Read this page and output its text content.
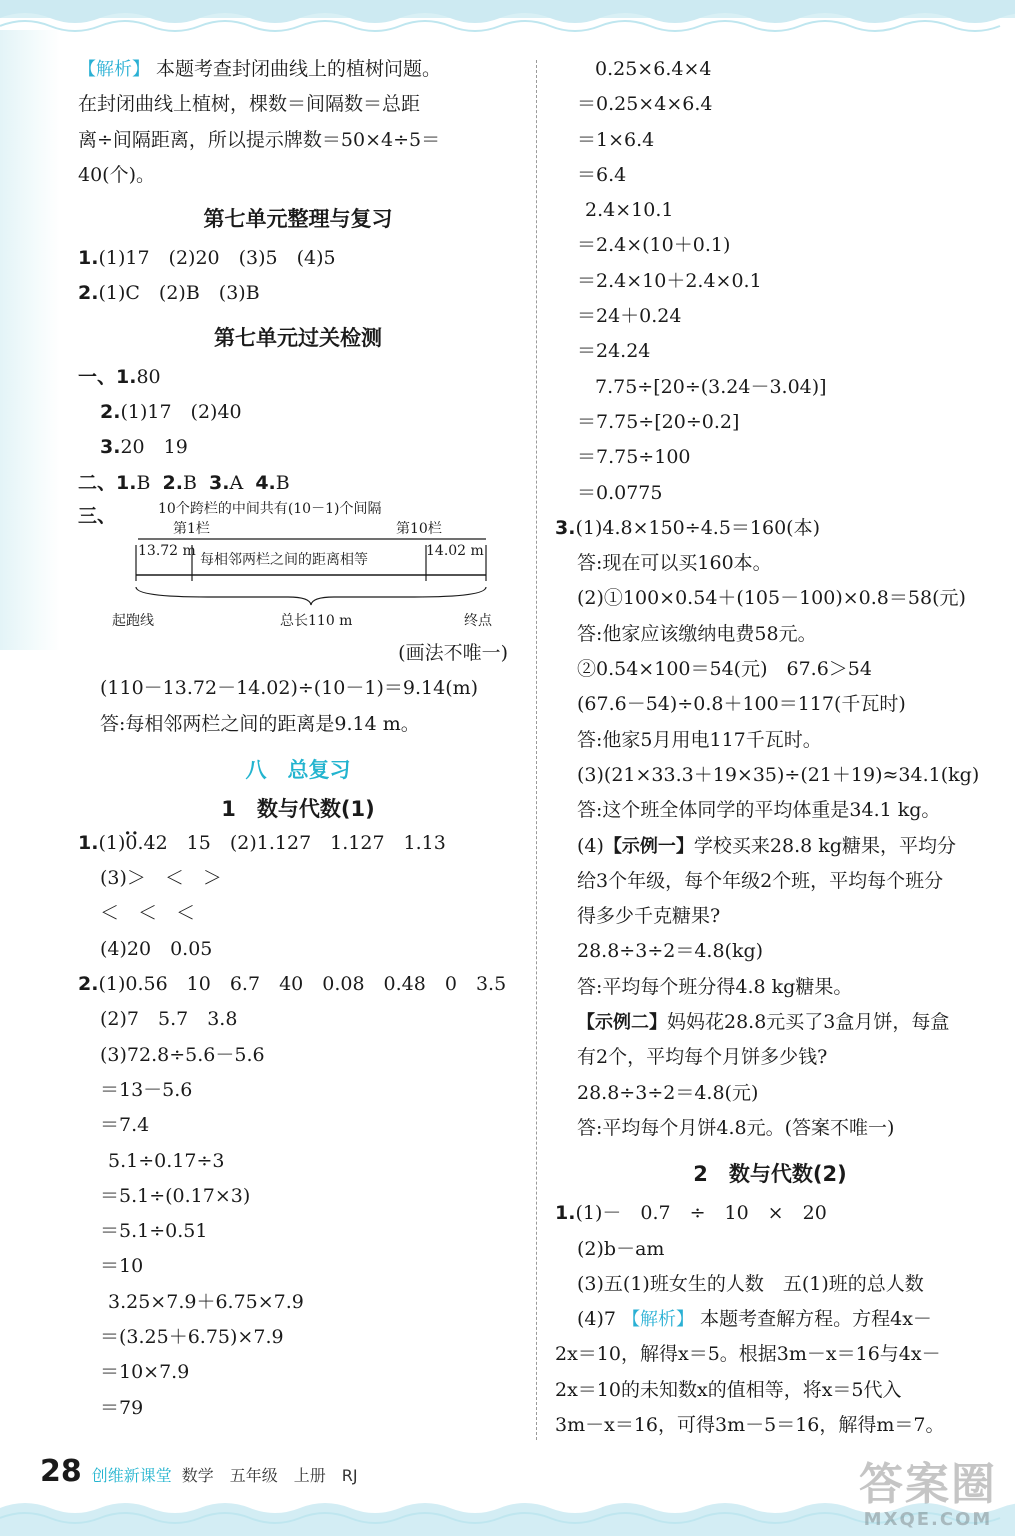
【解析】 本题考查封闭曲线上的植树问题。
在封闭曲线上植树，棵数＝间隔数＝总距
离÷间隔距离，所以提示牌数＝50×4÷5＝
40(个)。
第七单元整理与复习
1.(1)17　(2)20　(3)5　(4)5
2.(1)C　(2)B　(3)B
第七单元过关检测
一、1.80
2.(1)17　(2)40
3.20　19
二、1.B 2.B 3.A 4.B
三、	10个跨栏的中间共有(10－1)个间隔
第1栏	第10栏
13.72 m
每相邻两栏之间的距离相等
14.02 m
起跑线	总长110 m	终点
(画法不唯一)
(110－13.72－14.02)÷(10－1)＝9.14(m)
答:每相邻两栏之间的距离是9.14 m。
八　总复习
1　数与代数(1)
1.·· (1)0.42　15　(2)1.127　1.127　1.13
(3)＞　＜　＞
＜　＜　＜
(4)20　0.05
2.(1)0.56　10　6.7　40　0.08　0.48　0　3.5
(2)7　5.7　3.8
(3)72.8÷5.6－5.6
＝13－5.6
＝7.4
5.1÷0.17÷3
＝5.1÷(0.17×3)
＝5.1÷0.51
＝10
3.25×7.9＋6.75×7.9
＝(3.25＋6.75)×7.9
＝10×7.9
＝79
0.25×6.4×4
＝0.25×4×6.4
＝1×6.4
＝6.4
2.4×10.1
＝2.4×(10＋0.1)
＝2.4×10＋2.4×0.1
＝24＋0.24
＝24.24
7.75÷[20÷(3.24－3.04)]
＝7.75÷[20÷0.2]
＝7.75÷100
＝0.0775
3.(1)4.8×150÷4.5＝160(本)
答:现在可以买160本。
(2)①100×0.54＋(105－100)×0.8＝58(元)
答:他家应该缴纳电费58元。
②0.54×100＝54(元)　67.6＞54
(67.6－54)÷0.8＋100＝117(千瓦时)
答:他家5月用电117千瓦时。
(3)(21×33.3＋19×35)÷(21＋19)≈34.1(kg)
答:这个班全体同学的平均体重是34.1 kg。
(4)【示例一】学校买来28.8 kg糖果，平均分
给3个年级，每个年级2个班，平均每个班分
得多少千克糖果?
28.8÷3÷2＝4.8(kg)
答:平均每个班分得4.8 kg糖果。
【示例二】妈妈花28.8元买了3盒月饼，每盒
有2个，平均每个月饼多少钱?
28.8÷3÷2＝4.8(元)
答:平均每个月饼4.8元。(答案不唯一)
2　数与代数(2)
1.(1)－　0.7　÷　10　×　20
(2)b－am
(3)五(1)班女生的人数　五(1)班的总人数
(4)7 【解析】 本题考查解方程。方程4x－
2x＝10，解得x＝5。根据3m－x＝16与4x－
2x＝10的未知数x的值相等，将x＝5代入
3m－x＝16，可得3m－5＝16，解得m＝7。
28 创维新课堂 数学　五年级　上册　RJ	答案圈
MXQE.COM
